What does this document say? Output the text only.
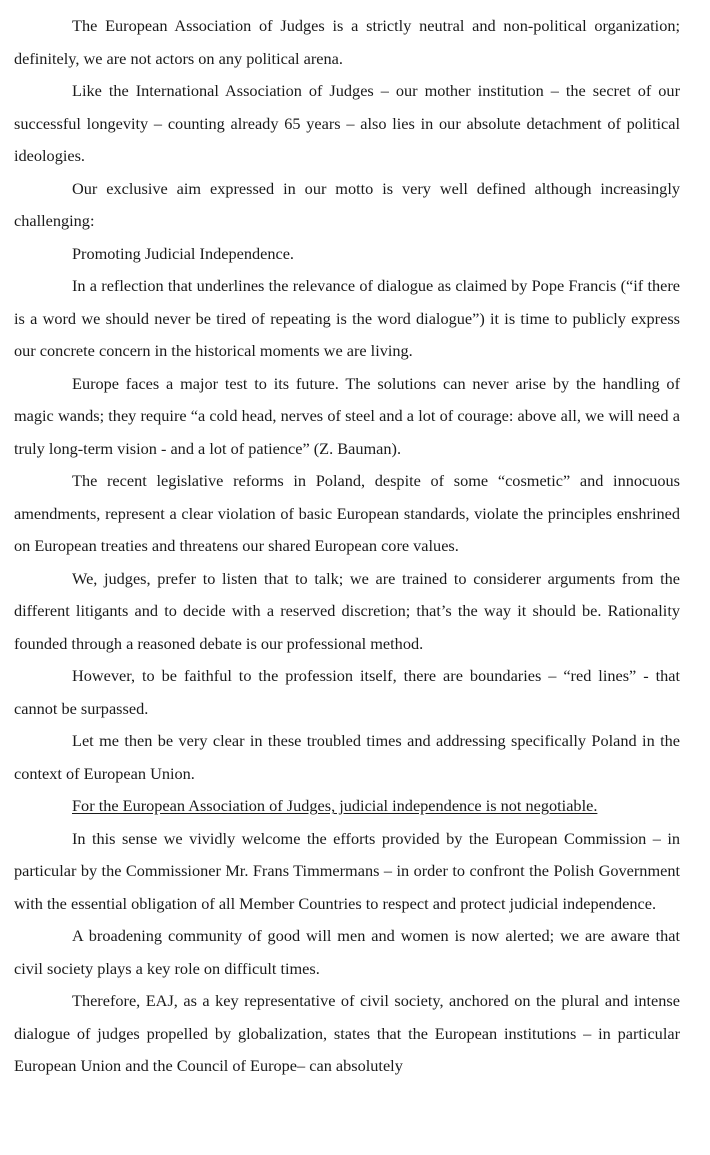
The European Association of Judges is a strictly neutral and non-political organization; definitely, we are not actors on any political arena.

Like the International Association of Judges – our mother institution – the secret of our successful longevity – counting already 65 years – also lies in our absolute detachment of political ideologies.

Our exclusive aim expressed in our motto is very well defined although increasingly challenging:

Promoting Judicial Independence.

In a reflection that underlines the relevance of dialogue as claimed by Pope Francis (“if there is a word we should never be tired of repeating is the word dialogue”) it is time to publicly express our concrete concern in the historical moments we are living.

Europe faces a major test to its future. The solutions can never arise by the handling of magic wands; they require “a cold head, nerves of steel and a lot of courage: above all, we will need a truly long-term vision - and a lot of patience” (Z. Bauman).

The recent legislative reforms in Poland, despite of some “cosmetic” and innocuous amendments, represent a clear violation of basic European standards, violate the principles enshrined on European treaties and threatens our shared European core values.

We, judges, prefer to listen that to talk; we are trained to considerer arguments from the different litigants and to decide with a reserved discretion; that’s the way it should be. Rationality founded through a reasoned debate is our professional method.

However, to be faithful to the profession itself, there are boundaries – “red lines” - that cannot be surpassed.

Let me then be very clear in these troubled times and addressing specifically Poland in the context of European Union.

For the European Association of Judges, judicial independence is not negotiable.

In this sense we vividly welcome the efforts provided by the European Commission – in particular by the Commissioner Mr. Frans Timmermans – in order to confront the Polish Government with the essential obligation of all Member Countries to respect and protect judicial independence.

A broadening community of good will men and women is now alerted; we are aware that civil society plays a key role on difficult times.

Therefore, EAJ, as a key representative of civil society, anchored on the plural and intense dialogue of judges propelled by globalization, states that the European institutions – in particular European Union and the Council of Europe– can absolutely
